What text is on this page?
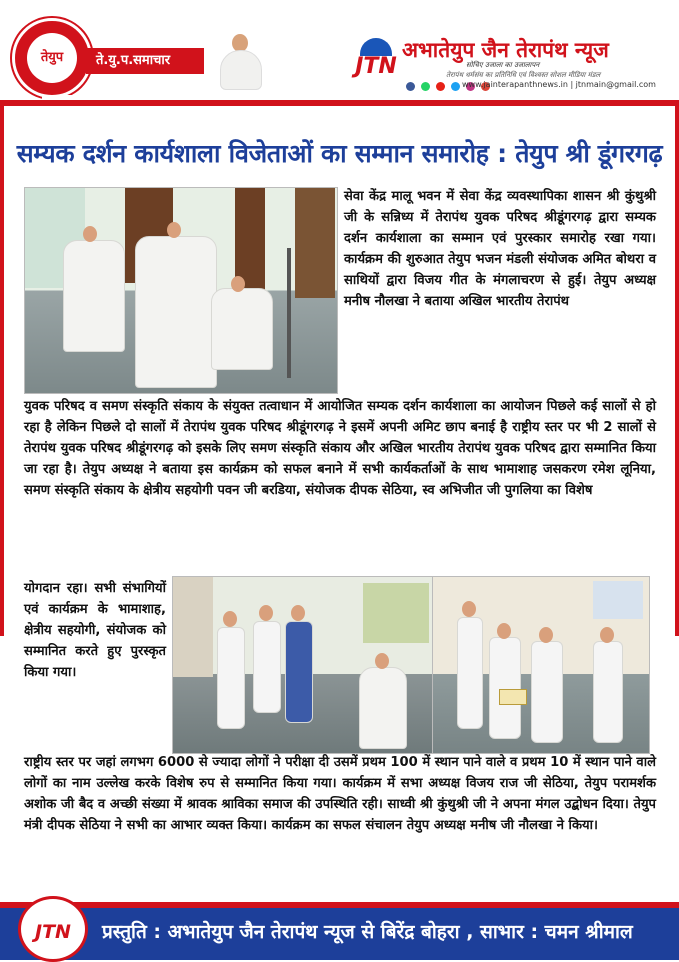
तेयुप	ते.यु.प.समाचार	JTN
अभातेयुप जैन तेरापंथ न्यूज
सोचिए उजाला का उजालापन
तेरापंथ धर्मसंघ का प्रतिनिधि एवं विश्वस्त सोशल मीडिया मंडल
www.jainterapanthnews.in | jtnmain@gmail.com
सम्यक दर्शन कार्यशाला विजेताओं का सम्मान समारोह : तेयुप श्री डूंगरगढ़

सेवा केंद्र मालू भवन में सेवा केंद्र व्यवस्थापिका शासन श्री कुंथुश्री जी के सन्निध्य में तेरापंथ युवक परिषद श्रीडूंगरगढ़ द्वारा सम्यक दर्शन कार्यशाला का सम्मान एवं पुरस्कार समारोह रखा गया। कार्यक्रम की शुरुआत तेयुप भजन मंडली संयोजक अमित बोथरा व साथियों द्वारा विजय गीत के मंगलाचरण से हुई। तेयुप अध्यक्ष मनीष नौलखा ने बताया अखिल भारतीय तेरापंथ

युवक परिषद व समण संस्कृति संकाय के संयुक्त तत्वाधान में आयोजित सम्यक दर्शन कार्यशाला का आयोजन पिछले कई सालों से हो रहा है लेकिन पिछले दो सालों में तेरापंथ युवक परिषद श्रीडूंगरगढ़ ने इसमें अपनी अमिट छाप बनाई है राष्ट्रीय स्तर पर भी 2 सालों से तेरापंथ युवक परिषद श्रीडूंगरगढ़ को इसके लिए समण संस्कृति संकाय और अखिल भारतीय तेरापंथ युवक परिषद द्वारा सम्मानित किया जा रहा है। तेयुप अध्यक्ष ने बताया इस कार्यक्रम को सफल बनाने में सभी कार्यकर्ताओं के साथ भामाशाह जसकरण रमेश लूनिया, समण संस्कृति संकाय के क्षेत्रीय सहयोगी पवन जी बरडिया, संयोजक दीपक सेठिया, स्व अभिजीत जी पुगलिया का विशेष

योगदान रहा। सभी संभागियों एवं कार्यक्रम के भामाशाह, क्षेत्रीय सहयोगी, संयोजक को सम्मानित करते हुए पुरस्कृत किया गया।

राष्ट्रीय स्तर पर जहां लगभग 6000 से ज्यादा लोगों ने परीक्षा दी उसमें प्रथम 100 में स्थान पाने वाले व प्रथम 10 में स्थान पाने वाले लोगों का नाम उल्लेख करके विशेष रुप से सम्मानित किया गया। कार्यक्रम में सभा अध्यक्ष विजय राज जी सेठिया, तेयुप परामर्शक अशोक जी बैद व अच्छी संख्या में श्रावक श्राविका समाज की उपस्थिति रही। साध्वी श्री कुंथुश्री जी ने अपना मंगल उद्बोधन दिया। तेयुप मंत्री दीपक सेठिया ने सभी का आभार व्यक्त किया। कार्यक्रम का सफल संचालन तेयुप अध्यक्ष मनीष जी नौलखा ने किया।

JTN	प्रस्तुति : अभातेयुप जैन तेरापंथ न्यूज से बिरेंद्र बोहरा , साभार : चमन श्रीमाल
